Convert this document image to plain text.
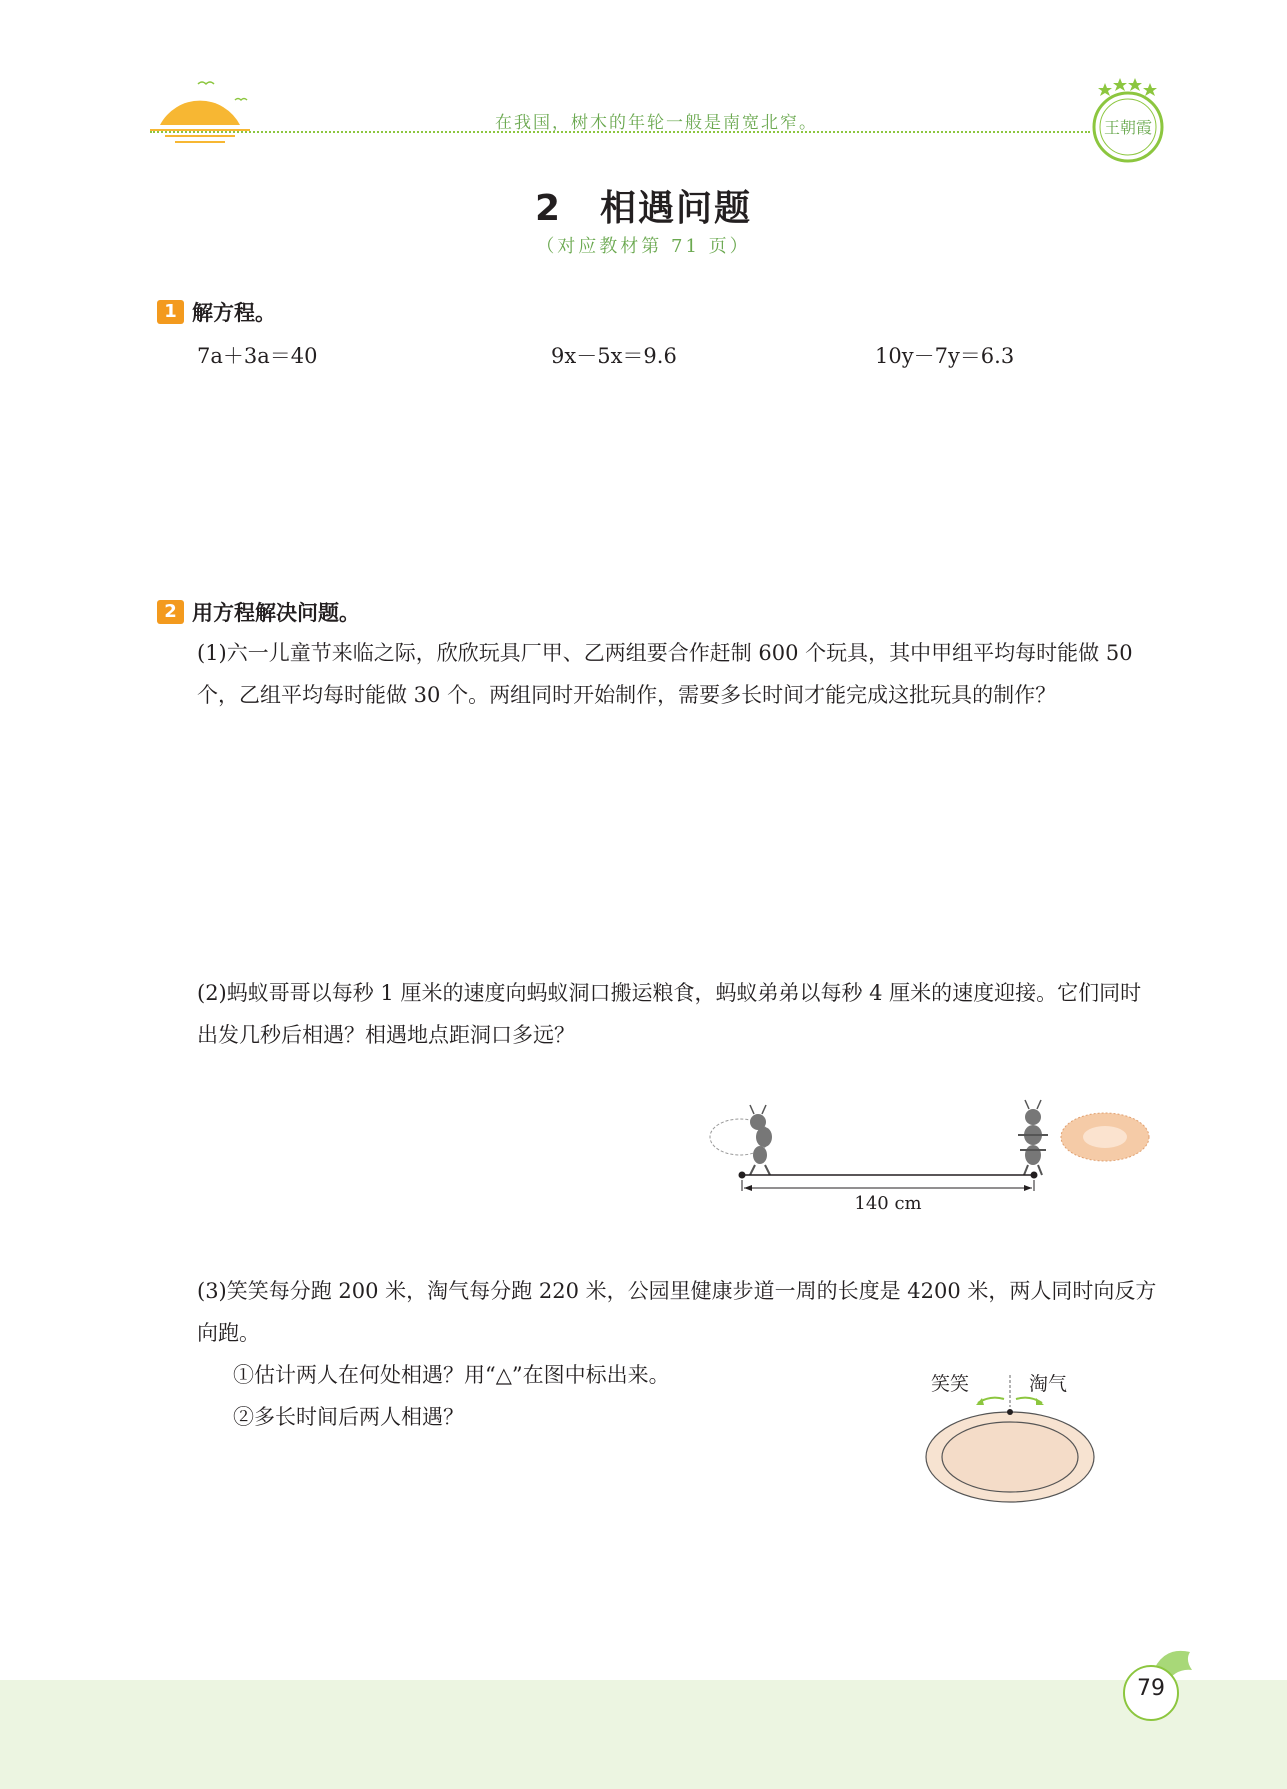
在我国，树木的年轮一般是南宽北窄。	王朝霞
2　相遇问题
（对应教材第 71 页）
1 解方程。
7a＋3a＝40	9x－5x＝9.6	10y－7y＝6.3
2 用方程解决问题。
(1)六一儿童节来临之际，欣欣玩具厂甲、乙两组要合作赶制 600 个玩具，其中甲组平均每时能做 50 个，乙组平均每时能做 30 个。两组同时开始制作，需要多长时间才能完成这批玩具的制作？
(2)蚂蚁哥哥以每秒 1 厘米的速度向蚂蚁洞口搬运粮食，蚂蚁弟弟以每秒 4 厘米的速度迎接。它们同时出发几秒后相遇？相遇地点距洞口多远？
140 cm
(3)笑笑每分跑 200 米，淘气每分跑 220 米，公园里健康步道一周的长度是 4200 米，两人同时向反方向跑。
①估计两人在何处相遇？用“△”在图中标出来。
②多长时间后两人相遇？
笑笑	淘气
79
